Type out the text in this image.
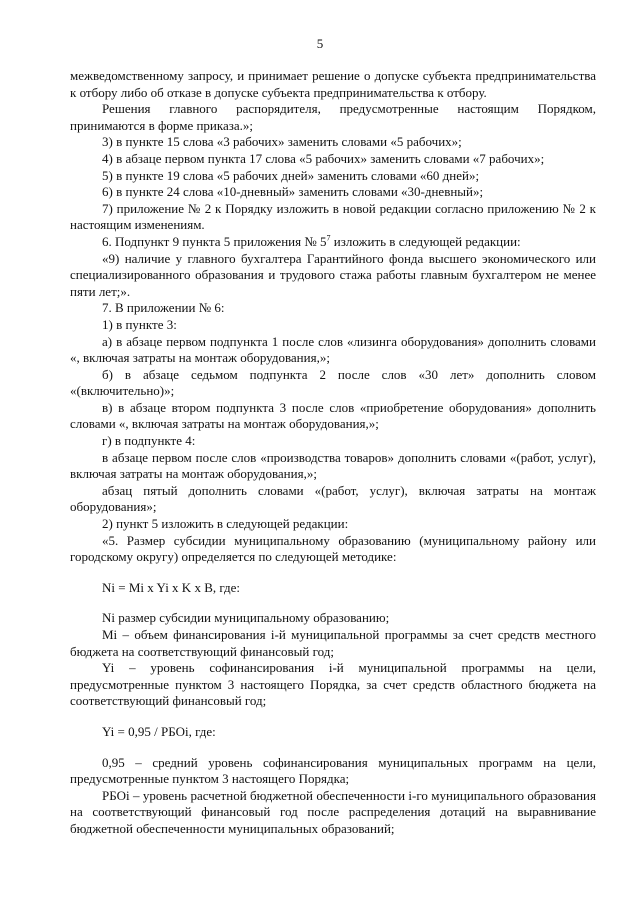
5

межведомственному запросу, и принимает решение о допуске субъекта предпринимательства к отбору либо об отказе в допуске субъекта предпринимательства к отбору.

Решения главного распорядителя, предусмотренные настоящим Порядком, принимаются в форме приказа.»;

3) в пункте 15 слова «3 рабочих» заменить словами «5 рабочих»;

4) в абзаце первом пункта 17 слова «5 рабочих» заменить словами «7 рабочих»;

5) в пункте 19 слова «5 рабочих дней» заменить словами «60 дней»;

6) в пункте 24 слова «10-дневный» заменить словами «30-дневный»;

7) приложение № 2 к Порядку изложить в новой редакции согласно приложению № 2 к настоящим изменениям.

6. Подпункт 9 пункта 5 приложения № $5^7$ изложить в следующей редакции:

«9) наличие у главного бухгалтера Гарантийного фонда высшего экономического или специализированного образования и трудового стажа работы главным бухгалтером не менее пяти лет;».

7. В приложении № 6:

1) в пункте 3:

а) в абзаце первом подпункта 1 после слов «лизинга оборудования» дополнить словами «, включая затраты на монтаж оборудования,»;

б) в абзаце седьмом подпункта 2 после слов «30 лет» дополнить словом «(включительно)»;

в) в абзаце втором подпункта 3 после слов «приобретение оборудования» дополнить словами «, включая затраты на монтаж оборудования,»;

г) в подпункте 4:

в абзаце первом после слов «производства товаров» дополнить словами «(работ, услуг), включая затраты на монтаж оборудования,»;

абзац пятый дополнить словами «(работ, услуг), включая затраты на монтаж оборудования»;

2) пункт 5 изложить в следующей редакции:

«5. Размер субсидии муниципальному образованию (муниципальному району или городскому округу) определяется по следующей методике:

Ni = Mi x Yi x K x B, где:

Ni размер субсидии муниципальному образованию;

Mi – объем финансирования i-й муниципальной программы за счет средств местного бюджета на соответствующий финансовый год;

Yi – уровень софинансирования i-й муниципальной программы на цели, предусмотренные пунктом 3 настоящего Порядка, за счет средств областного бюджета на соответствующий финансовый год;

Yi = 0,95 / РБОi, где:

0,95 – средний уровень софинансирования муниципальных программ на цели, предусмотренные пунктом 3 настоящего Порядка;

РБОi – уровень расчетной бюджетной обеспеченности i-го муниципального образования на соответствующий финансовый год после распределения дотаций на выравнивание бюджетной обеспеченности муниципальных образований;
